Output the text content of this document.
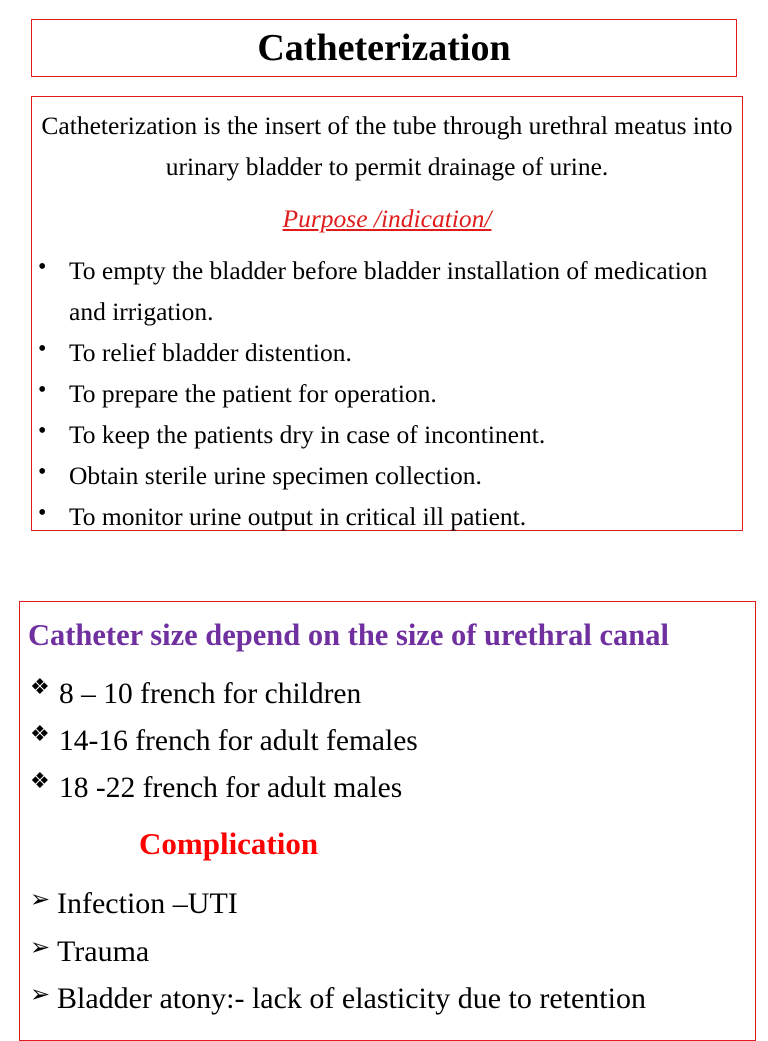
Catheterization

Catheterization is the insert of the tube through urethral meatus into urinary bladder to permit drainage of urine.

Purpose /indication/

• To empty the bladder before bladder installation of medication and irrigation.
• To relief bladder distention.
• To prepare the patient for operation.
• To keep the patients dry in case of incontinent.
• Obtain sterile urine specimen collection.
• To monitor urine output in critical ill patient.
Catheter size depend on the size of urethral canal
❖ 8 – 10 french for children
❖ 14-16 french for adult females
❖ 18 -22 french for adult males
Complication
➢ Infection –UTI
➢ Trauma
➢ Bladder atony:- lack of elasticity due to retention
